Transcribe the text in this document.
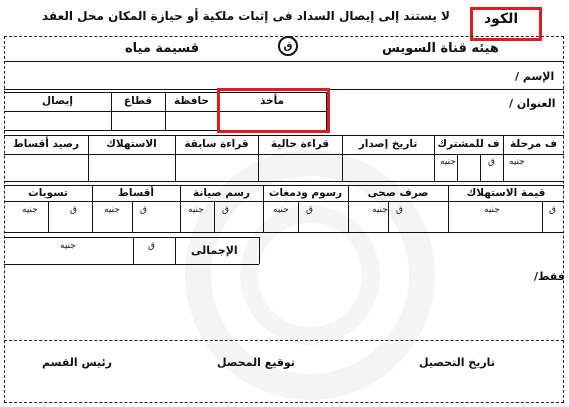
لا يستند إلى إيصال السداد فى إثبات ملكية أو حيازة المكان محل العقد الكود
هيئه قناة السويس
ق
قسيمة مياه
الإسم /
العنوان /
مأخذ
حافظة
قطاع
إيصال
ف مرحلة
ف للمشترك
تاريخ إصدار
قراءة حالية
قراءة سابقة
الاستهلاك
رصيد أقساط
جنيه
ق
جنيه
قيمة الاستهلاك
صرف صحى
رسوم ودمغات
رسم صيانة
أقساط
تسويات
ق
جنيه
ق
جنيه
ق
جنيه
ق
جنيه
ق
جنيه
ق
جنيه
الإجمالى
ق
جنيه
فقط/
تاريخ التحصيل
توقيع المحصل
رئيس القسم
